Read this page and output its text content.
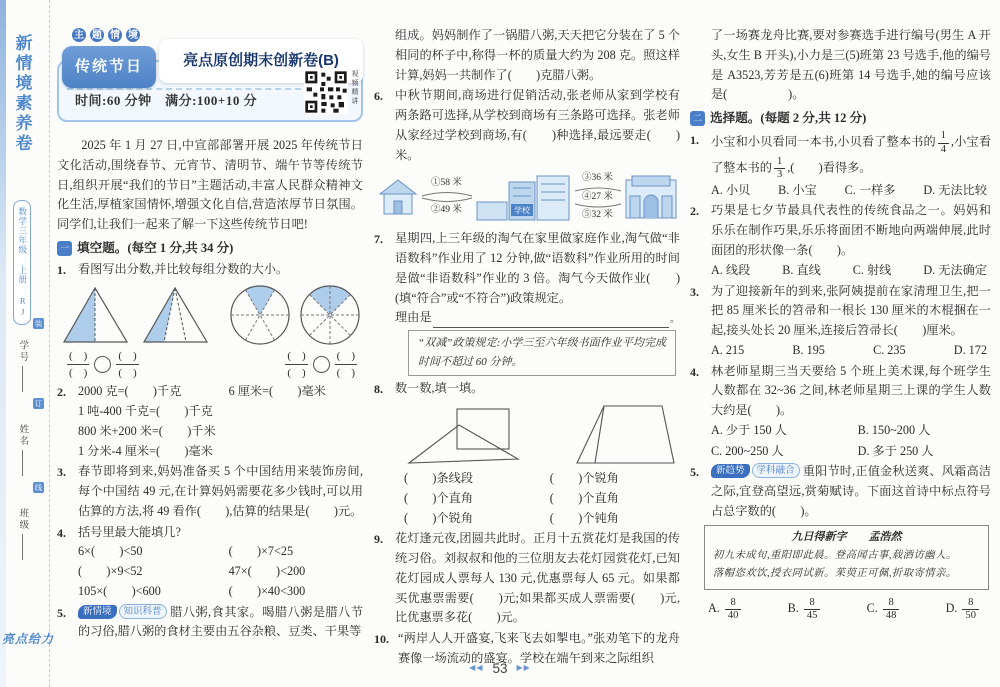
新情境素养卷
数学三年级 上册 RJ
装
学号
订
姓名
线
班级
亮点给力
时间:60 分钟　满分:100+10 分
亮点原创期末创新卷(B)
传统节日
主 题 情 境
视频精讲

2025 年 1 月 27 日,中宣部部署开展 2025 年传统节日文化活动,围绕春节、元宵节、清明节、端午节等传统节日,组织开展“我们的节日”主题活动,丰富人民群众精神文化生活,厚植家国情怀,增强文化自信,营造浓厚节日氛围。同学们,让我们一起来了解一下这些传统节日吧!

一 填空题。(每空 1 分,共 34 分)
1. 看图写出分数,并比较每组分数的大小。
(　)
(　)
(　)
(　)
(　)
(　)
(　)
(　)
2. 2000 克=(　　)千克	6 厘米=(　　)毫米
1 吨-400 千克=(　　)千克
800 米+200 米=(　　)千米
1 分米-4 厘米=(　　)毫米
3. 春节即将到来,妈妈准备买 5 个中国结用来装饰房间,每个中国结 49 元,在计算妈妈需要花多少钱时,可以用估算的方法,将 49 看作(　　),估算的结果是(　　)元。
4. 括号里最大能填几?
6×(　　)<50	(　　)×7<25
(　　)×9<52	47×(　　)<200
105×(　　)<600	(　　)×40<300
5.	新情境 知识科普 腊八粥,食其家。喝腊八粥是腊八节的习俗,腊八粥的食材主要由五谷杂粮、豆类、干果等

组成。妈妈制作了一锅腊八粥,天天把它分装在了 5 个相同的杯子中,称得一杯的质量大约为 208 克。照这样计算,妈妈一共制作了(　　)克腊八粥。

6. 中秋节期间,商场进行促销活动,张老师从家到学校有两条路可选择,从学校到商场有三条路可选择。张老师从家经过学校到商场,有(　　)种选择,最远要走(　　)米。
①58 米
②49 米	学校
③36 米
④27 米
⑤32 米
7. 星期四,上三年级的淘气在家里做家庭作业,淘气做“非语数科”作业用了 12 分钟,做“语数科”作业所用的时间是做“非语数科”作业的 3 倍。淘气今天做作业(　　)(填“符合”或“不符合”)政策规定。
理由是	。
“双减”政策规定:小学三至六年级书面作业平均完成时间不超过 60 分钟。
8. 数一数,填一填。
(　　)条线段	(　　)个锐角
(　　)个直角	(　　)个直角
(　　)个锐角	(　　)个钝角
9. 花灯逢元夜,团圆共此时。正月十五赏花灯是我国的传统习俗。刘叔叔和他的三位朋友去花灯园赏花灯,已知花灯园成人票每人 130 元,优惠票每人 65 元。如果都买优惠票需要(　　)元;如果都买成人票需要(　　)元,比优惠票多花(　　)元。
10. “两岸人人开盛宴,飞来飞去如掣电。”张劝笔下的龙舟赛像一场流动的盛宴。学校在端午到来之际组织

了一场赛龙舟比赛,要对参赛选手进行编号(男生 A 开头,女生 B 开头),小力是三(5)班第 23 号选手,他的编号是 A3523,芳芳是五(6)班第 14 号选手,她的编号应该是(　　　　　)。

二 选择题。(每题 2 分,共 12 分)
1. 小宝和小贝看同一本书,小贝看了整本书的 $\frac{1}{4}$ ,小宝看了整本书的 $\frac{1}{3}$ ,(　　)看得多。
A. 小贝 B. 小宝 C. 一样多 D. 无法比较
2. 巧果是七夕节最具代表性的传统食品之一。妈妈和乐乐在制作巧果,乐乐将面团不断地向两端伸展,此时面团的形状像一条(　　)。
A. 线段	B. 直线	C. 射线	D. 无法确定
3. 为了迎接新年的到来,张阿姨提前在家清理卫生,把一把 85 厘米长的笤帚和一根长 130 厘米的木棍捆在一起,接头处长 20 厘米,连接后笤帚长(　　)厘米。
A. 215	B. 195	C. 235	D. 172
4. 林老师星期三当天要给 5 个班上美术课,每个班学生人数都在 32~36 之间,林老师星期三上课的学生人数大约是(　　)。
A. 少于 150 人	B. 150~200 人
C. 200~250 人	D. 多于 250 人
5.	新趋势 学科融合 重阳节时,正值金秋送爽、风霜高洁之际,宜登高望远,赏菊赋诗。下面这首诗中标点符号占总字数的(　　)。
九日得新字 孟浩然
初九未成旬,重阳即此晨。登高闻古事,载酒访幽人。
落帽恣欢饮,授衣同试新。茱萸正可佩,折取寄情亲。
A. $\frac{8}{40}$	B. $\frac{8}{45}$	C. $\frac{8}{48}$	D. $\frac{8}{50}$
◀◀ 53 ▶▶
